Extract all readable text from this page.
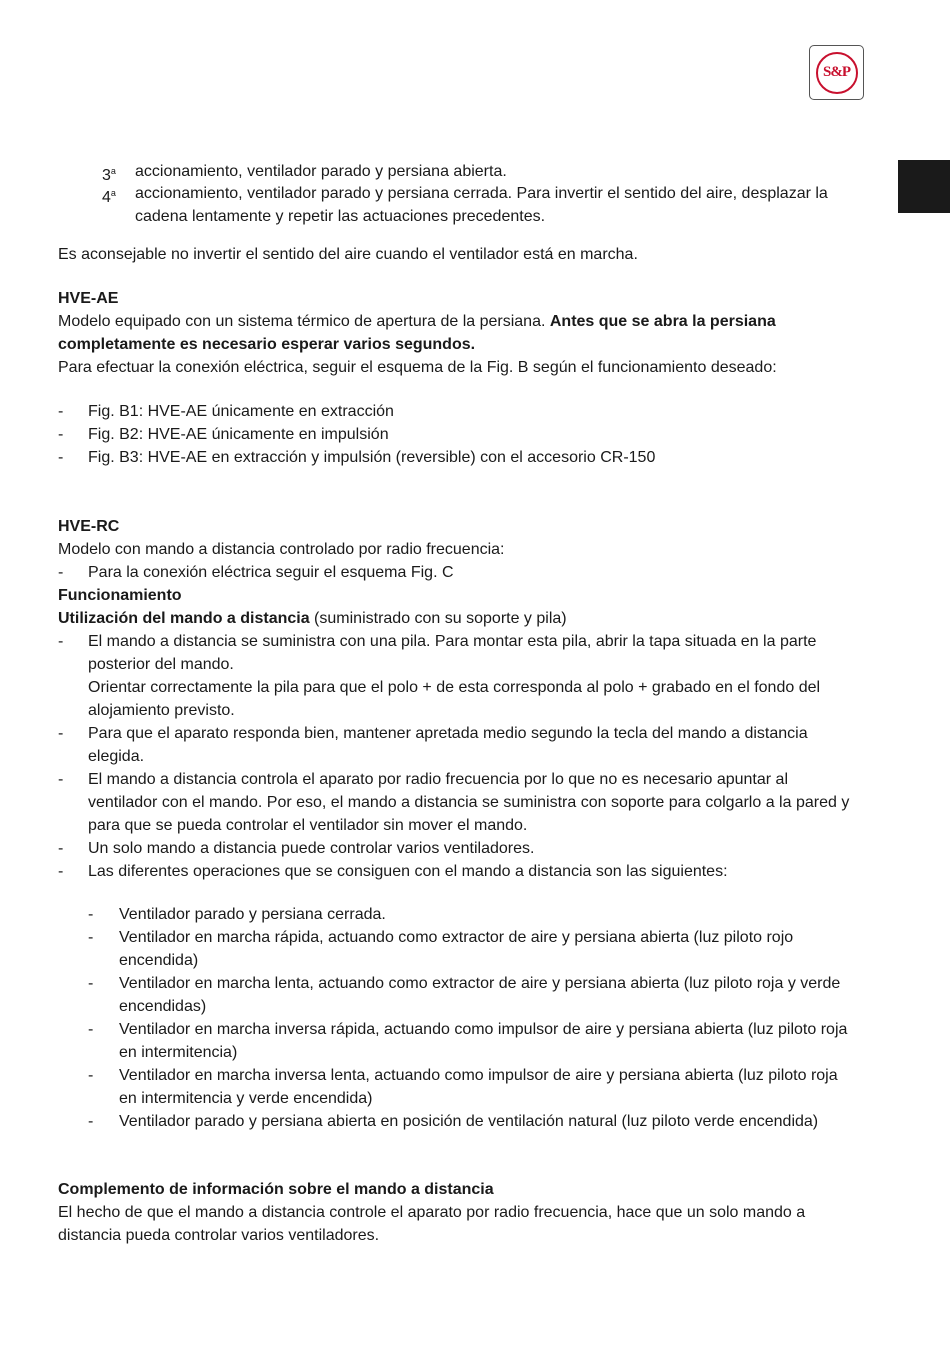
S&P
3$^a$	accionamiento, ventilador parado y persiana abierta.
4$^a$	accionamiento, ventilador parado y persiana cerrada. Para invertir el sentido del aire, desplazar la cadena lentamente y repetir las actuaciones precedentes.

Es aconsejable no invertir el sentido del aire cuando el ventilador está en marcha.

HVE-AE

Modelo equipado con un sistema térmico de apertura de la persiana. Antes que se abra la persiana completamente es necesario esperar varios segundos.

Para efectuar la conexión eléctrica, seguir el esquema de la Fig. B según el funcionamiento deseado:

- Fig. B1: HVE-AE únicamente en extracción
- Fig. B2: HVE-AE únicamente en impulsión
- Fig. B3: HVE-AE en extracción y impulsión (reversible) con el accesorio CR-150
HVE-RC

Modelo con mando a distancia controlado por radio frecuencia:

- Para la conexión eléctrica seguir el esquema Fig. C
Funcionamiento

Utilización del mando a distancia (suministrado con su soporte y pila)

- El mando a distancia se suministra con una pila. Para montar esta pila, abrir la tapa situada en la parte posterior del mando.
Orientar correctamente la pila para que el polo + de esta corresponda al polo + grabado en el fondo del alojamiento previsto.
- Para que el aparato responda bien, mantener apretada medio segundo la tecla del mando a distancia elegida.
- El mando a distancia controla el aparato por radio frecuencia por lo que no es necesario apuntar al ventilador con el mando. Por eso, el mando a distancia se suministra con soporte para colgarlo a la pared y para que se pueda controlar el ventilador sin mover el mando.
- Un solo mando a distancia puede controlar varios ventiladores.
- Las diferentes operaciones que se consiguen con el mando a distancia son las siguientes:
- Ventilador parado y persiana cerrada.
- Ventilador en marcha rápida, actuando como extractor de aire y persiana abierta (luz piloto rojo encendida)
- Ventilador en marcha lenta, actuando como extractor de aire y persiana abierta (luz piloto roja y verde encendidas)
- Ventilador en marcha inversa rápida, actuando como impulsor de aire y persiana abierta (luz piloto roja en intermitencia)
- Ventilador en marcha inversa lenta, actuando como impulsor de aire y persiana abierta (luz piloto roja en intermitencia y verde encendida)
- Ventilador parado y persiana abierta en posición de ventilación natural (luz piloto verde encendida)
Complemento de información sobre el mando a distancia

El hecho de que el mando a distancia controle el aparato por radio frecuencia, hace que un solo mando a distancia pueda controlar varios ventiladores.
